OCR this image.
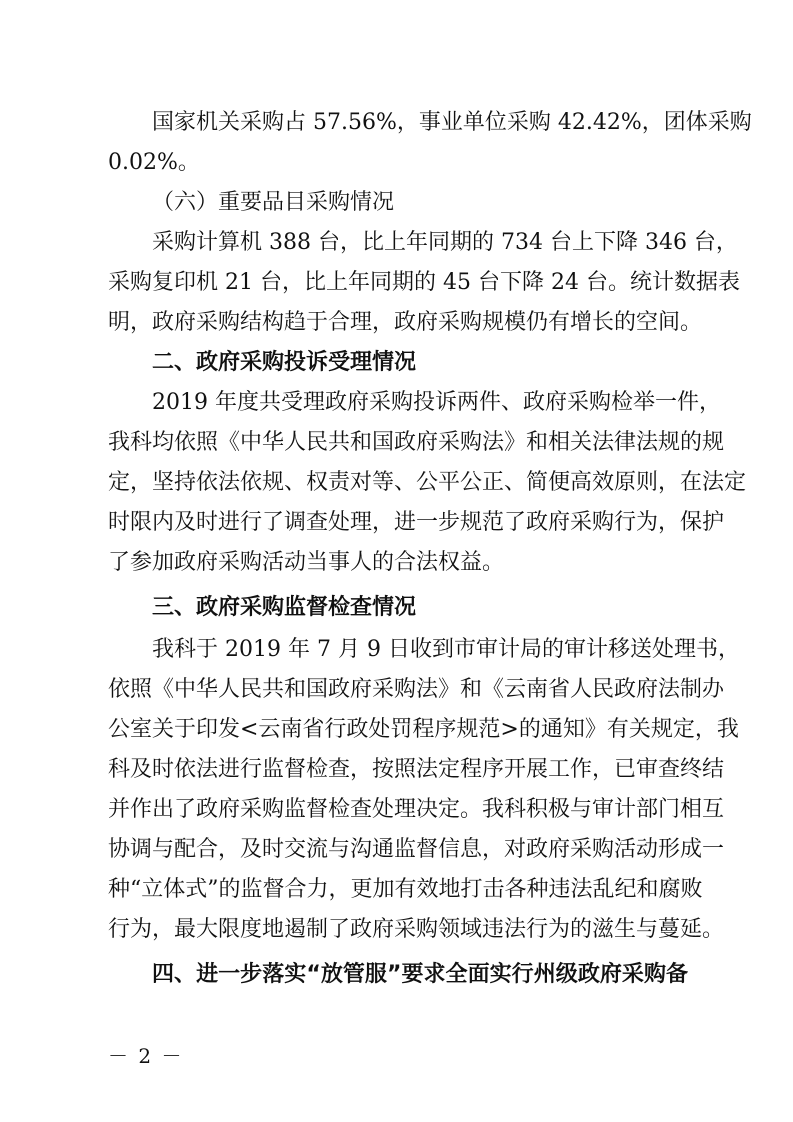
国家机关采购占 57.56%，事业单位采购 42.42%，团体采购
0.02%。
（六）重要品目采购情况
采购计算机 388 台，比上年同期的 734 台上下降 346 台，
采购复印机 21 台，比上年同期的 45 台下降 24 台。统计数据表
明，政府采购结构趋于合理，政府采购规模仍有增长的空间。
二、政府采购投诉受理情况
2019 年度共受理政府采购投诉两件、政府采购检举一件，
我科均依照《中华人民共和国政府采购法》和相关法律法规的规
定，坚持依法依规、权责对等、公平公正、简便高效原则，在法定
时限内及时进行了调查处理，进一步规范了政府采购行为，保护
了参加政府采购活动当事人的合法权益。
三、政府采购监督检查情况
我科于 2019 年 7 月 9 日收到市审计局的审计移送处理书，
依照《中华人民共和国政府采购法》和《云南省人民政府法制办
公室关于印发<云南省行政处罚程序规范>的通知》有关规定，我
科及时依法进行监督检查，按照法定程序开展工作，已审查终结
并作出了政府采购监督检查处理决定。我科积极与审计部门相互
协调与配合，及时交流与沟通监督信息，对政府采购活动形成一
种“立体式”的监督合力，更加有效地打击各种违法乱纪和腐败
行为，最大限度地遏制了政府采购领域违法行为的滋生与蔓延。
四、进一步落实“放管服”要求全面实行州级政府采购备
－ 2 －
